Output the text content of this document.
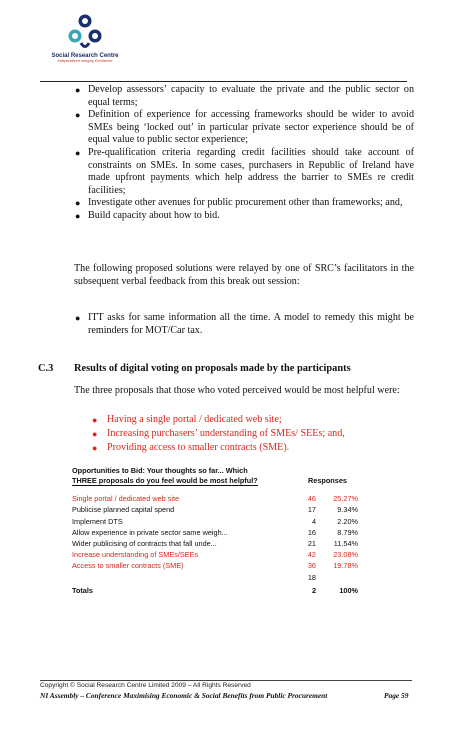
Social Research Centre
Independence Integrity Excellence
● Develop assessors’ capacity to evaluate the private and the public sector on equal terms;
● Definition of experience for accessing frameworks should be wider to avoid SMEs being ‘locked out’ in particular private sector experience should be of equal value to public sector experience;
● Pre-qualification criteria regarding credit facilities should take account of constraints on SMEs. In some cases, purchasers in Republic of Ireland have made upfront payments which help address the barrier to SMEs re credit facilities;
● Investigate other avenues for public procurement other than frameworks; and,
● Build capacity about how to bid.

The following proposed solutions were relayed by one of SRC’s facilitators in the subsequent verbal feedback from this break out session:

● ITT asks for same information all the time. A model to remedy this might be reminders for MOT/Car tax.
C.3 Results of digital voting on proposals made by the participants

The three proposals that those who voted perceived would be most helpful were:

● Having a single portal / dedicated web site;
● Increasing purchasers’ understanding of SMEs/ SEEs; and,
● Providing access to smaller contracts (SME).
Opportunities to Bid: Your thoughts so far... Which
THREE proposals do you feel would be most helpful?	Responses
Single portal / dedicated web site	46 25.27%
Publicise planned capital spend	17	9.34%
Implement DTS	4	2.20%
Allow experience in private sector same weigh...	16	8.79%
Wider publicising of contracts that fall unde...	21 11.54%
Increase understanding of SMEs/SEEs	42 23.08%
Access to smaller contracts (SME)	36 19.78%
18
Totals	2	100%
Copyright © Social Research Centre Limited 2009 – All Rights Reserved
NI Assembly – Conference Maximising Economic & Social Benefits from Public Procurement	Page 59
